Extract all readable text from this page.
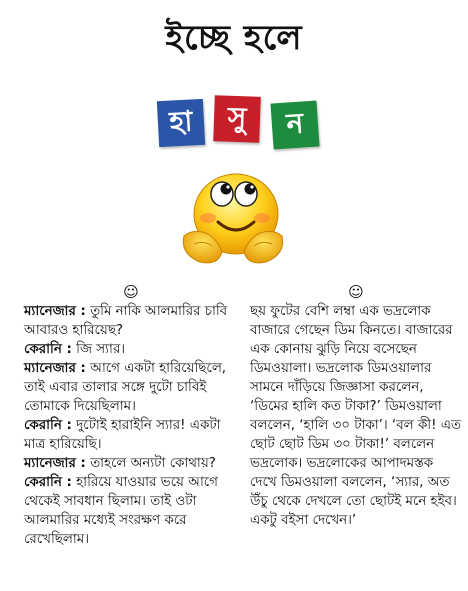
ইচ্ছে হলে
হা সু ন
☺

ম্যানেজার : তুমি নাকি আলমারির চাবি আবারও হারিয়েছ?

কেরানি : জি স্যার।

ম্যানেজার : আগে একটা হারিয়েছিলে, তাই এবার তালার সঙ্গে দুটো চাবিই তোমাকে দিয়েছিলাম।

কেরানি : দুটোই হারাইনি স্যার! একটা মাত্র হারিয়েছি।

ম্যানেজার : তাহলে অন্যটা কোথায়?

কেরানি : হারিয়ে যাওয়ার ভয়ে আগে থেকেই সাবধান ছিলাম। তাই ওটা আলমারির মধ্যেই সংরক্ষণ করে রেখেছিলাম।

☺

ছয় ফুটের বেশি লম্বা এক ভদ্রলোক বাজারে গেছেন ডিম কিনতে। বাজারের এক কোনায় ঝুড়ি নিয়ে বসেছেন ডিমওয়ালা। ভদ্রলোক ডিমওয়ালার সামনে দাঁড়িয়ে জিজ্ঞাসা করলেন, ‘ডিমের হালি কত টাকা?’ ডিমওয়ালা বললেন, ‘হালি ৩০ টাকা’। ‘বল কী! এত ছোট ছোট ডিম ৩০ টাকা!’ বললেন ভদ্রলোক। ভদ্রলোকের আপাদমস্তক দেখে ডিমওয়ালা বললেন, ‘স্যার, অত উঁচু থেকে দেখলে তো ছোটই মনে হইব। একটু বইসা দেখেন।’
